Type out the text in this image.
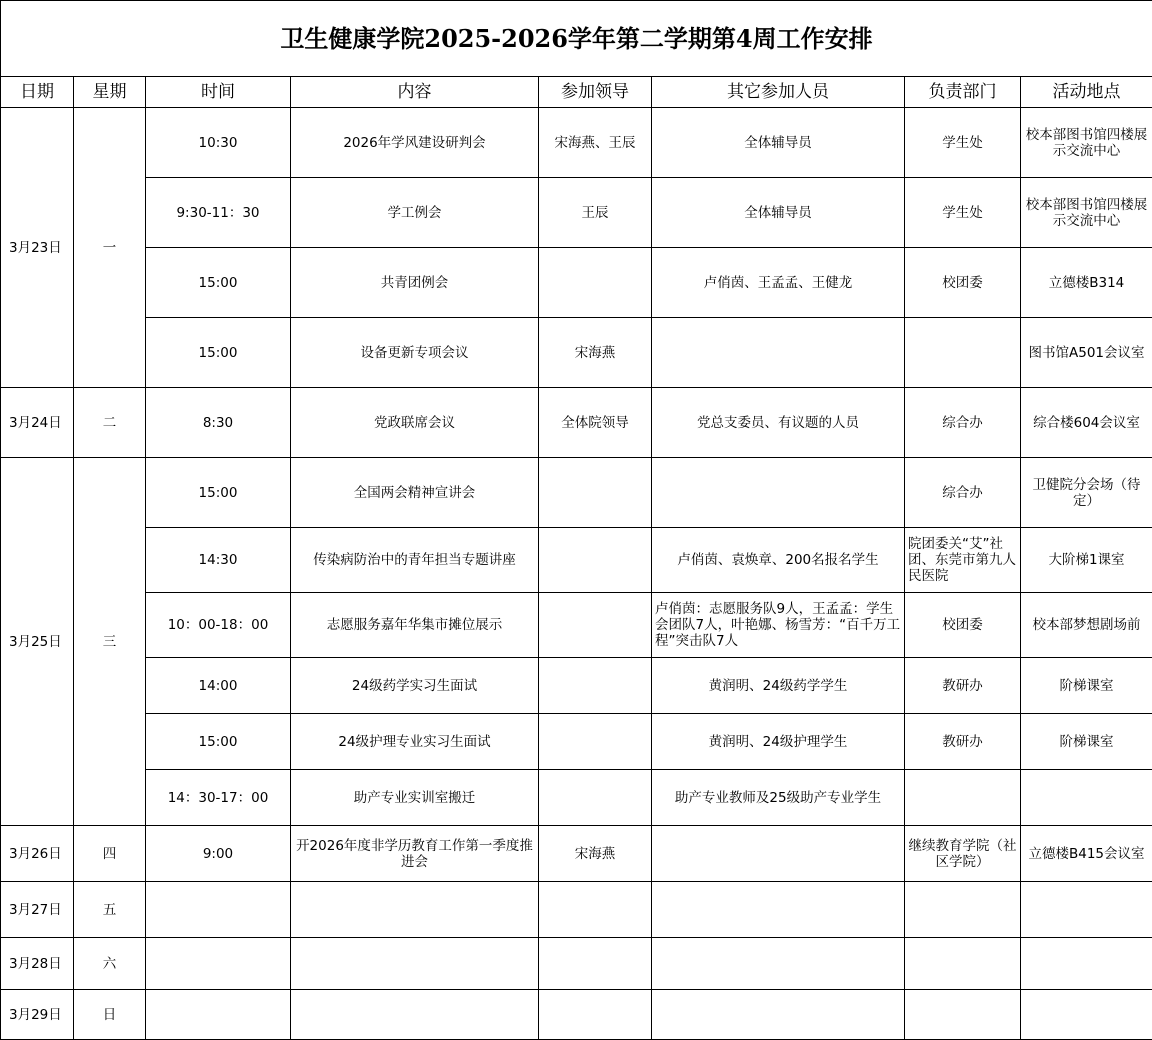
卫生健康学院2025-2026学年第二学期第4周工作安排							
日期	星期	时间	内容	参加领导	其它参加人员	负责部门	活动地点
3月23日	一	10:30	2026年学风建设研判会	宋海燕、王辰	全体辅导员	学生处	校本部图书馆四楼展示交流中心
		9:30-11：30	学工例会	王辰	全体辅导员	学生处	校本部图书馆四楼展示交流中心
		15:00	共青团例会		卢俏茵、王孟孟、王健龙	校团委	立德楼B314
		15:00	设备更新专项会议	宋海燕			图书馆A501会议室
3月24日	二	8:30	党政联席会议	全体院领导	党总支委员、有议题的人员	综合办	综合楼604会议室
3月25日	三	15:00	全国两会精神宣讲会			综合办	卫健院分会场（待定）
		14:30	传染病防治中的青年担当专题讲座		卢俏茵、袁焕章、200名报名学生	院团委关“艾”社团、东莞市第九人民医院	大阶梯1课室
		10：00-18：00	志愿服务嘉年华集市摊位展示		卢俏茵：志愿服务队9人，王孟孟：学生会团队7人，叶艳娜、杨雪芳：“百千万工程”突击队7人	校团委	校本部梦想剧场前
		14:00	24级药学实习生面试		黄润明、24级药学学生	教研办	阶梯课室
		15:00	24级护理专业实习生面试		黄润明、24级护理学生	教研办	阶梯课室
		14：30-17：00	助产专业实训室搬迁		助产专业教师及25级助产专业学生		
3月26日	四	9:00	开2026年度非学历教育工作第一季度推进会	宋海燕		继续教育学院（社区学院）	立德楼B415会议室
3月27日	五						
3月28日	六						
3月29日	日						
